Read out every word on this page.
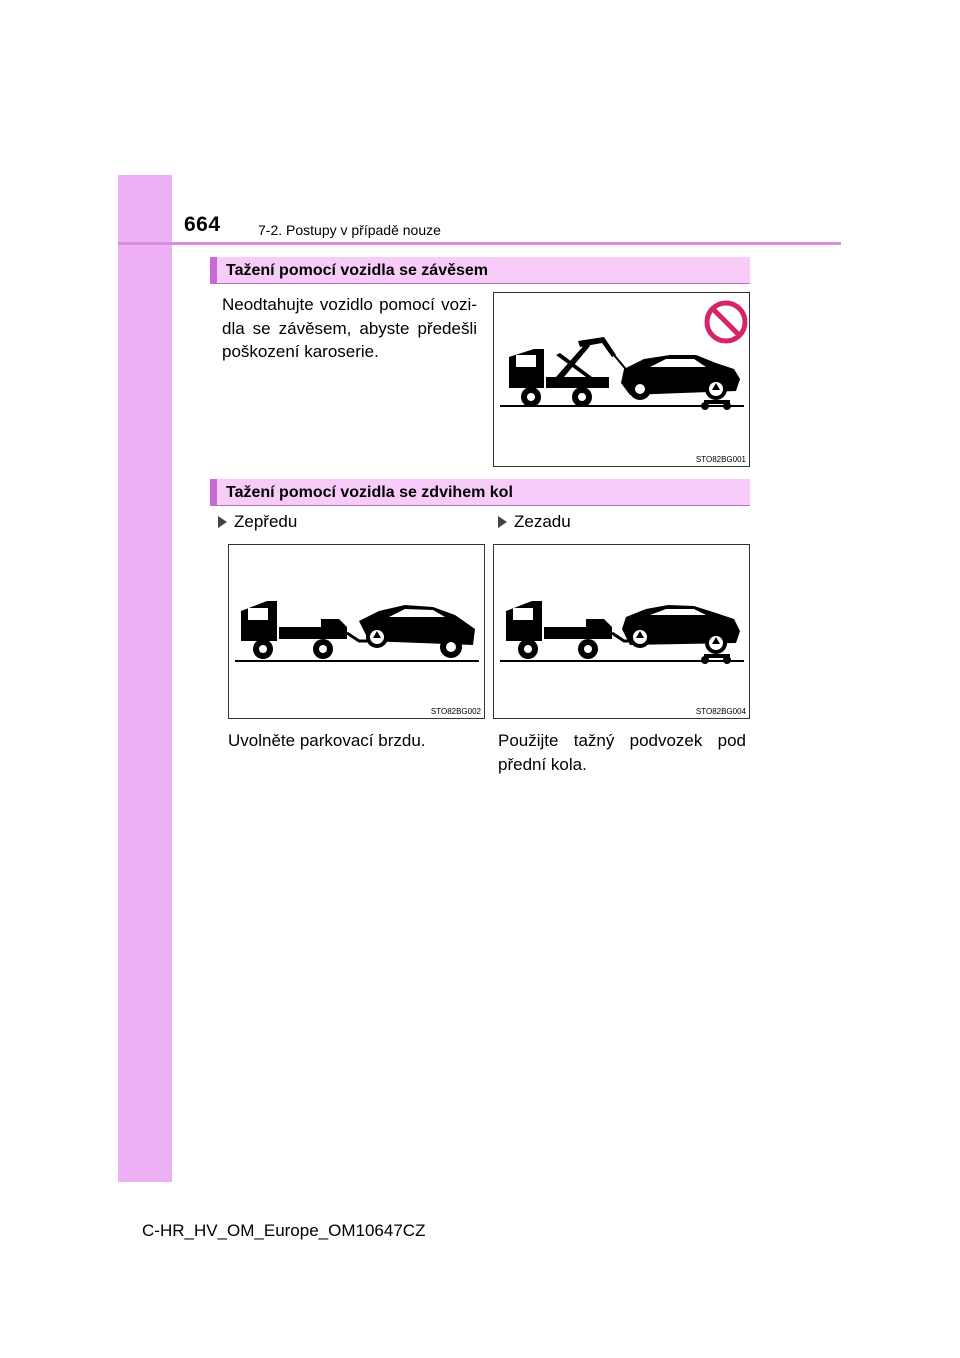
664	7-2. Postupy v případě nouze
Tažení pomocí vozidla se závěsem
Neodtahujte vozidlo pomocí vozidla se závěsem, abyste předešli poškození karoserie.
STO82BG001
Tažení pomocí vozidla se zdvihem kol
Zepředu	Zezadu
STO82BG002	STO82BG004
Uvolněte parkovací brzdu.	Použijte tažný podvozek pod přední kola.
C-HR_HV_OM_Europe_OM10647CZ
